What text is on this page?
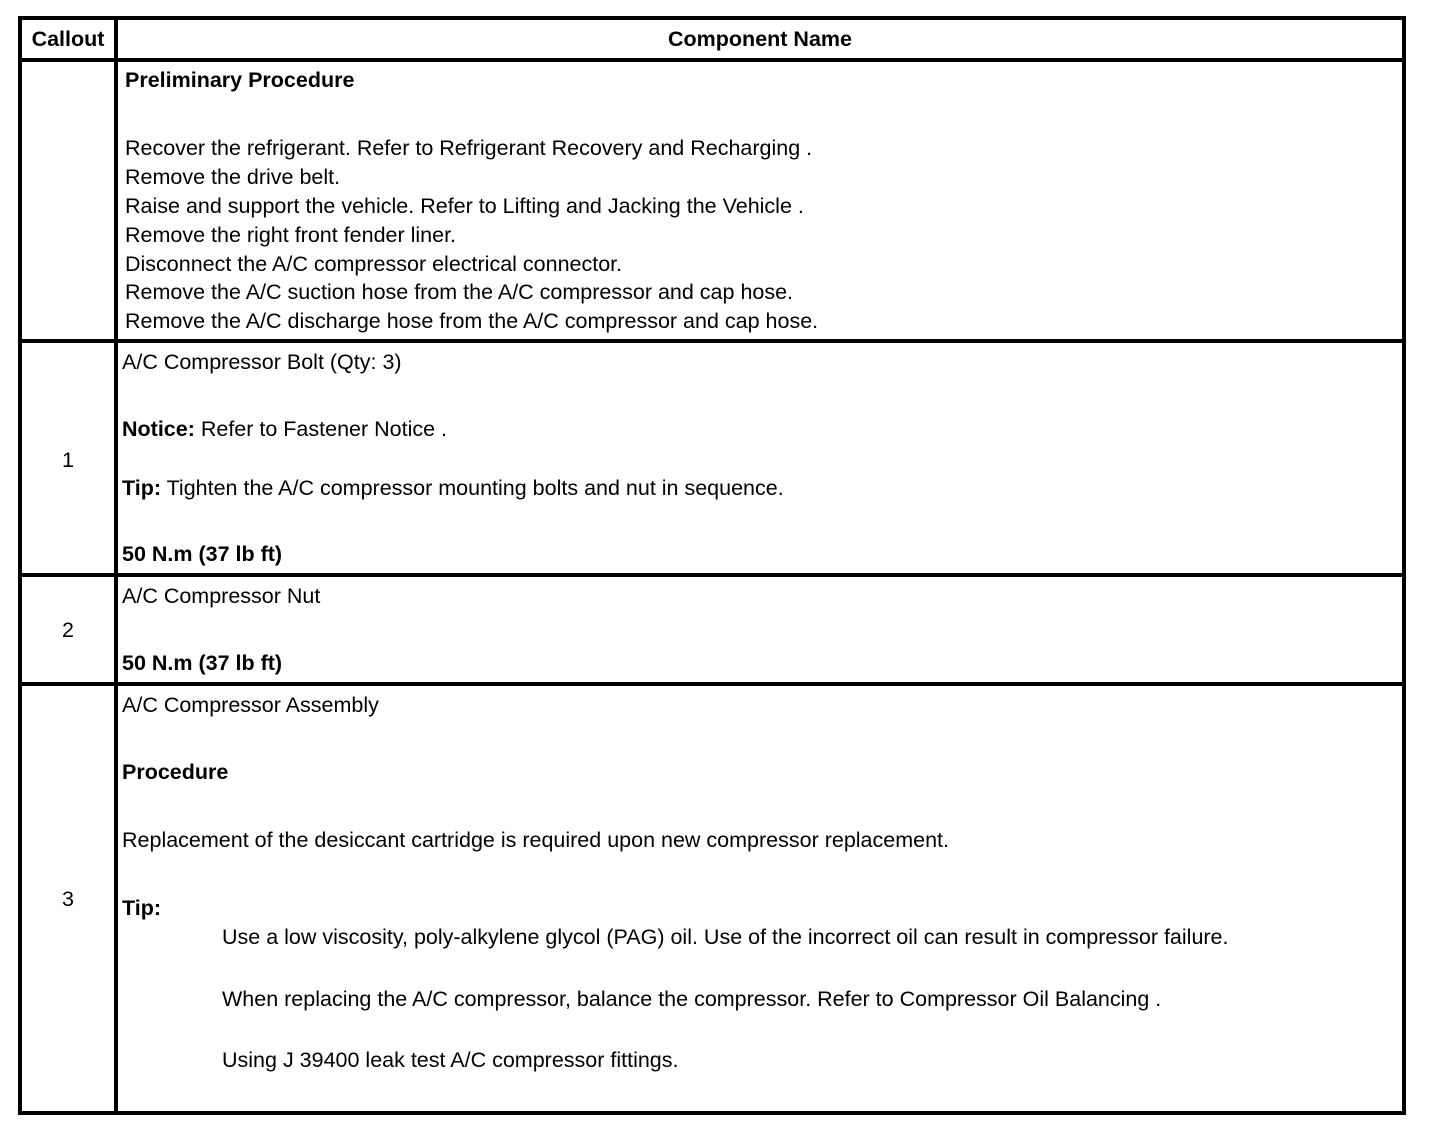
Callout	Component Name
Preliminary Procedure
Recover the refrigerant. Refer to Refrigerant Recovery and Recharging .
Remove the drive belt.
Raise and support the vehicle. Refer to Lifting and Jacking the Vehicle .
Remove the right front fender liner.
Disconnect the A/C compressor electrical connector.
Remove the A/C suction hose from the A/C compressor and cap hose.
Remove the A/C discharge hose from the A/C compressor and cap hose.
1
A/C Compressor Bolt (Qty: 3)
Notice: Refer to Fastener Notice .
Tip: Tighten the A/C compressor mounting bolts and nut in sequence.
50 N.m (37 lb ft)
2
A/C Compressor Nut
50 N.m (37 lb ft)
3
A/C Compressor Assembly
Procedure
Replacement of the desiccant cartridge is required upon new compressor replacement.
Tip:
Use a low viscosity, poly-alkylene glycol (PAG) oil. Use of the incorrect oil can result in compressor failure.
When replacing the A/C compressor, balance the compressor. Refer to Compressor Oil Balancing .
Using J 39400 leak test A/C compressor fittings.
